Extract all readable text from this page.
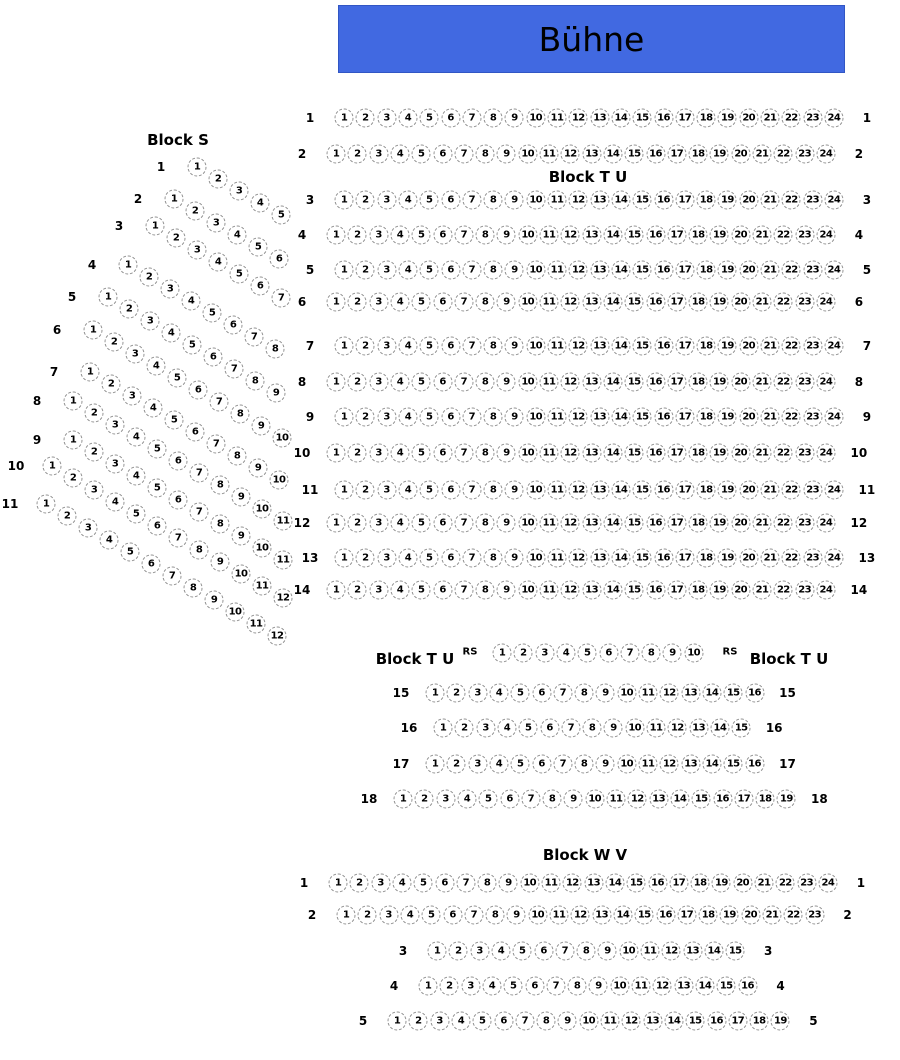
Bühne
Block S
Block T U
Block T U RS	RS Block T U
Block W V
1	1
1	2	3	4	5	6	7	8	9	10 11 12 13 14 15 16 17 18 19 20 21 22 23 24
2	2
1	2	3	4	5	6	7	8	9	10 11 12 13 14 15 16 17 18 19 20 21 22 23 24
3	3
1	2	3	4	5	6	7	8	9	10 11 12 13 14 15 16 17 18 19 20 21 22 23 24
4	4
1	2	3	4	5	6	7	8	9	10 11 12 13 14 15 16 17 18 19 20 21 22 23 24
5	5
1	2	3	4	5	6	7	8	9	10 11 12 13 14 15 16 17 18 19 20 21 22 23 24
6	6
1	2	3	4	5	6	7	8	9	10 11 12 13 14 15 16 17 18 19 20 21 22 23 24
7	7
1	2	3	4	5	6	7	8	9	10 11 12 13 14 15 16 17 18 19 20 21 22 23 24
8	8
1	2	3	4	5	6	7	8	9	10 11 12 13 14 15 16 17 18 19 20 21 22 23 24
9	9
1	2	3	4	5	6	7	8	9	10 11 12 13 14 15 16 17 18 19 20 21 22 23 24
10	10
1	2	3	4	5	6	7	8	9	10 11 12 13 14 15 16 17 18 19 20 21 22 23 24
11	11
1	2	3	4	5	6	7	8	9	10 11 12 13 14 15 16 17 18 19 20 21 22 23 24
12	12
1	2	3	4	5	6	7	8	9	10 11 12 13 14 15 16 17 18 19 20 21 22 23 24
13	13
1	2	3	4	5	6	7	8	9	10 11 12 13 14 15 16 17 18 19 20 21 22 23 24
14	14
1	2	3	4	5	6	7	8	9	10 11 12 13 14 15 16 17 18 19 20 21 22 23 24
1	2	3	4	5	6	7	8	9	10
15	15
1	2	3	4	5	6	7	8	9	10 11 12 13 14 15 16
16	16
1	2	3	4	5	6	7	8	9	10 11 12 13 14 15
17	17
1	2	3	4	5	6	7	8	9	10 11 12 13 14 15 16
18	18
1	2	3	4	5	6	7	8	9	10 11 12 13 14 15 16 17 18 19
1	1
1	2	3	4	5	6	7	8	9	10 11 12 13 14 15 16 17 18 19 20 21 22 23 24
2	2
1	2	3	4	5	6	7	8	9	10 11 12 13 14 15 16 17 18 19 20 21 22 23
3	3
1	2	3	4	5	6	7	8	9	10 11 12 13 14 15
4	4
1	2	3	4	5	6	7	8	9	10 11 12 13 14 15 16
5	5
1	2	3	4	5	6	7	8	9	10 11 12 13 14 15 16 17 18 19
1	1
2
3
4
5
2	1
2
3
4
5
6
3	1
2
3
4
5
6
7
4	1
2
3
4
5
6
7
8
5	1
2
3
4
5
6
7
8
9
6	1
2
3
4
5
6
7
8
9
10
7	1
2
3
4
5
6
7
8
9
10
8	1
2
3
4
5
6
7
8
9
10
11
9	1
2
3
4
5
6
7
8
9
10
11
10	1
2
3
4
5
6
7
8
9
10
11
12
11	1
2
3
4
5
6
7
8
9
10
11
12
